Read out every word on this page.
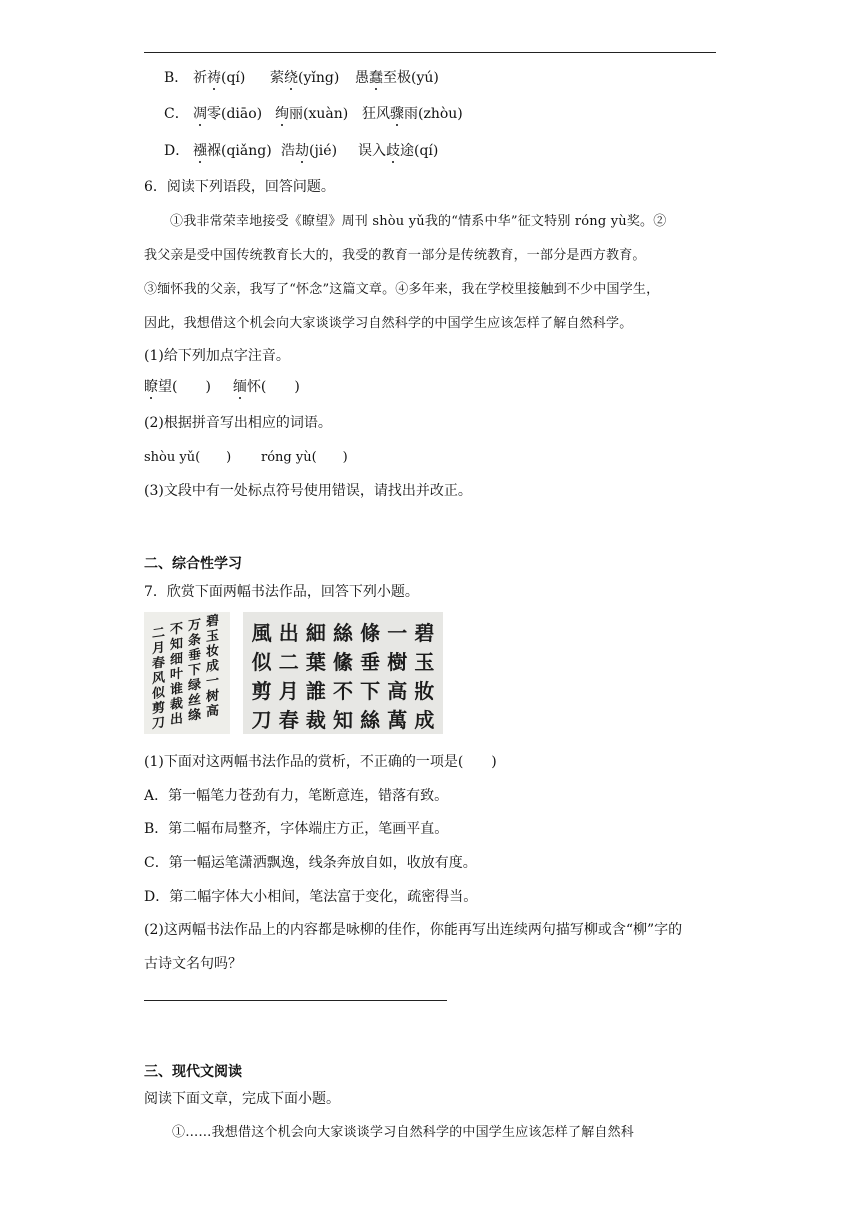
B． 祈祷(qí) 萦绕(yǐng) 愚蠢至极(yú)
C． 凋零(diāo) 绚丽(xuàn) 狂风骤雨(zhòu)
D． 襁褓(qiǎng) 浩劫(jié) 误入歧途(qí)
6．阅读下列语段，回答问题。
①我非常荣幸地接受《瞭望》周刊 shòu yǔ我的“情系中华”征文特别 róng yù奖。②
我父亲是受中国传统教育长大的，我受的教育一部分是传统教育，一部分是西方教育。
③缅怀我的父亲，我写了“怀念”这篇文章。④多年来，我在学校里接触到不少中国学生，
因此，我想借这个机会向大家谈谈学习自然科学的中国学生应该怎样了解自然科学。
(1)给下列加点字注音。
瞭望(　　) 缅怀(　　)
(2)根据拼音写出相应的词语。
shòu yǔ(　　) róng yù(　　)
(3)文段中有一处标点符号使用错误，请找出并改正。
二、综合性学习
7．欣赏下面两幅书法作品，回答下列小题。
碧
玉
妆
成
一
树
高
万
条
垂
下
绿
丝
绦
不
知
细
叶
谁
裁
出
二
月
春
风
似
剪
刀
風 出 細 絲 條 一 碧
似 二 葉 絛 垂 樹 玉
剪 月 誰 不 下 高 妝
刀 春 裁 知 絲 萬 成
(1)下面对这两幅书法作品的赏析，不正确的一项是(　　)
A．第一幅笔力苍劲有力，笔断意连，错落有致。
B．第二幅布局整齐，字体端庄方正，笔画平直。
C．第一幅运笔潇洒飘逸，线条奔放自如，收放有度。
D．第二幅字体大小相间，笔法富于变化，疏密得当。
(2)这两幅书法作品上的内容都是咏柳的佳作，你能再写出连续两句描写柳或含“柳”字的
古诗文名句吗？
三、现代文阅读
阅读下面文章，完成下面小题。
①……我想借这个机会向大家谈谈学习自然科学的中国学生应该怎样了解自然科
